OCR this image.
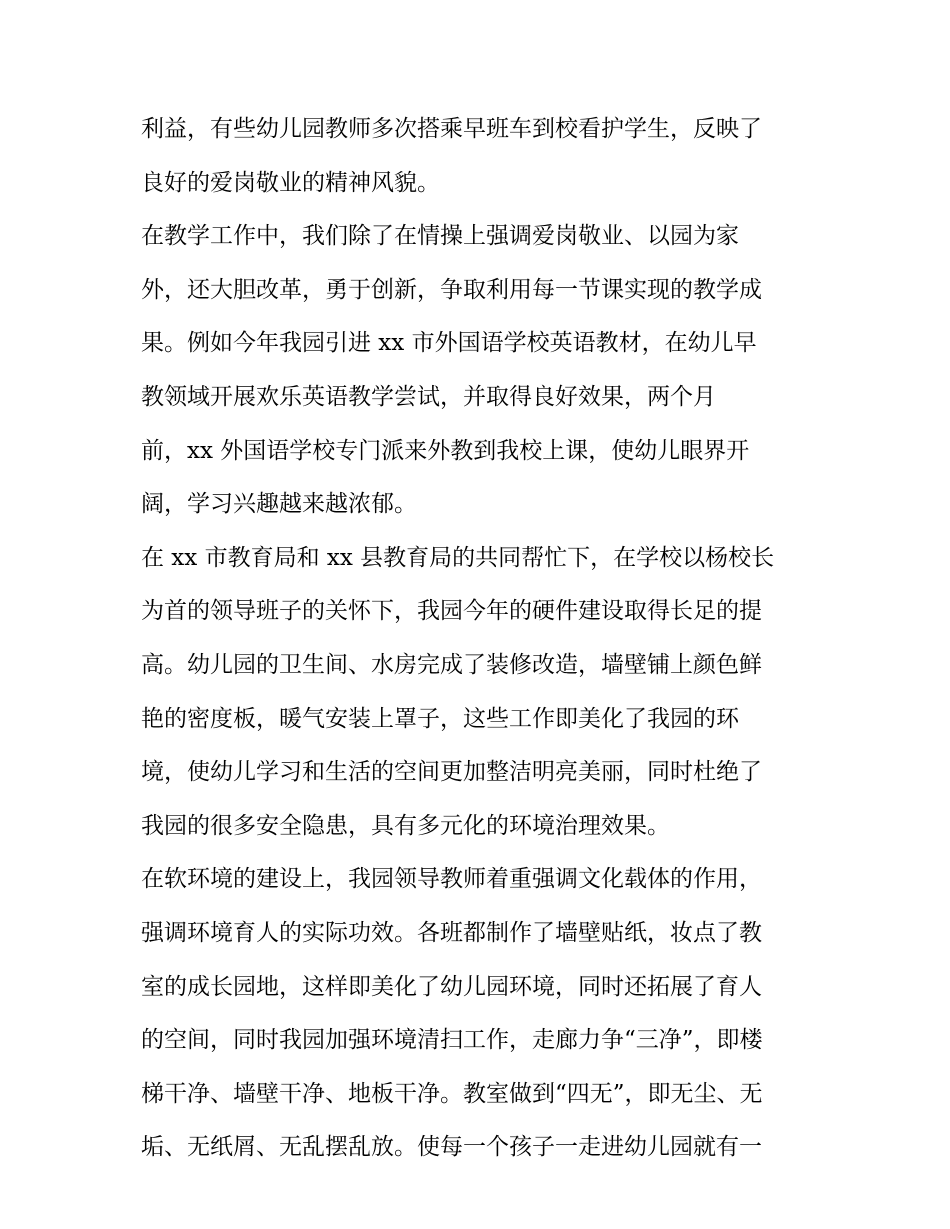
利益，有些幼儿园教师多次搭乘早班车到校看护学生，反映了
良好的爱岗敬业的精神风貌。
在教学工作中，我们除了在情操上强调爱岗敬业、以园为家
外，还大胆改革，勇于创新，争取利用每一节课实现的教学成
果。例如今年我园引进 xx 市外国语学校英语教材，在幼儿早
教领域开展欢乐英语教学尝试，并取得良好效果，两个月
前，xx 外国语学校专门派来外教到我校上课，使幼儿眼界开
阔，学习兴趣越来越浓郁。
在 xx 市教育局和 xx 县教育局的共同帮忙下，在学校以杨校长
为首的领导班子的关怀下，我园今年的硬件建设取得长足的提
高。幼儿园的卫生间、水房完成了装修改造，墙壁铺上颜色鲜
艳的密度板，暖气安装上罩子，这些工作即美化了我园的环
境，使幼儿学习和生活的空间更加整洁明亮美丽，同时杜绝了
我园的很多安全隐患，具有多元化的环境治理效果。
在软环境的建设上，我园领导教师着重强调文化载体的作用，
强调环境育人的实际功效。各班都制作了墙壁贴纸，妆点了教
室的成长园地，这样即美化了幼儿园环境，同时还拓展了育人
的空间，同时我园加强环境清扫工作，走廊力争“三净”，即楼
梯干净、墙壁干净、地板干净。教室做到“四无”，即无尘、无
垢、无纸屑、无乱摆乱放。使每一个孩子一走进幼儿园就有一
